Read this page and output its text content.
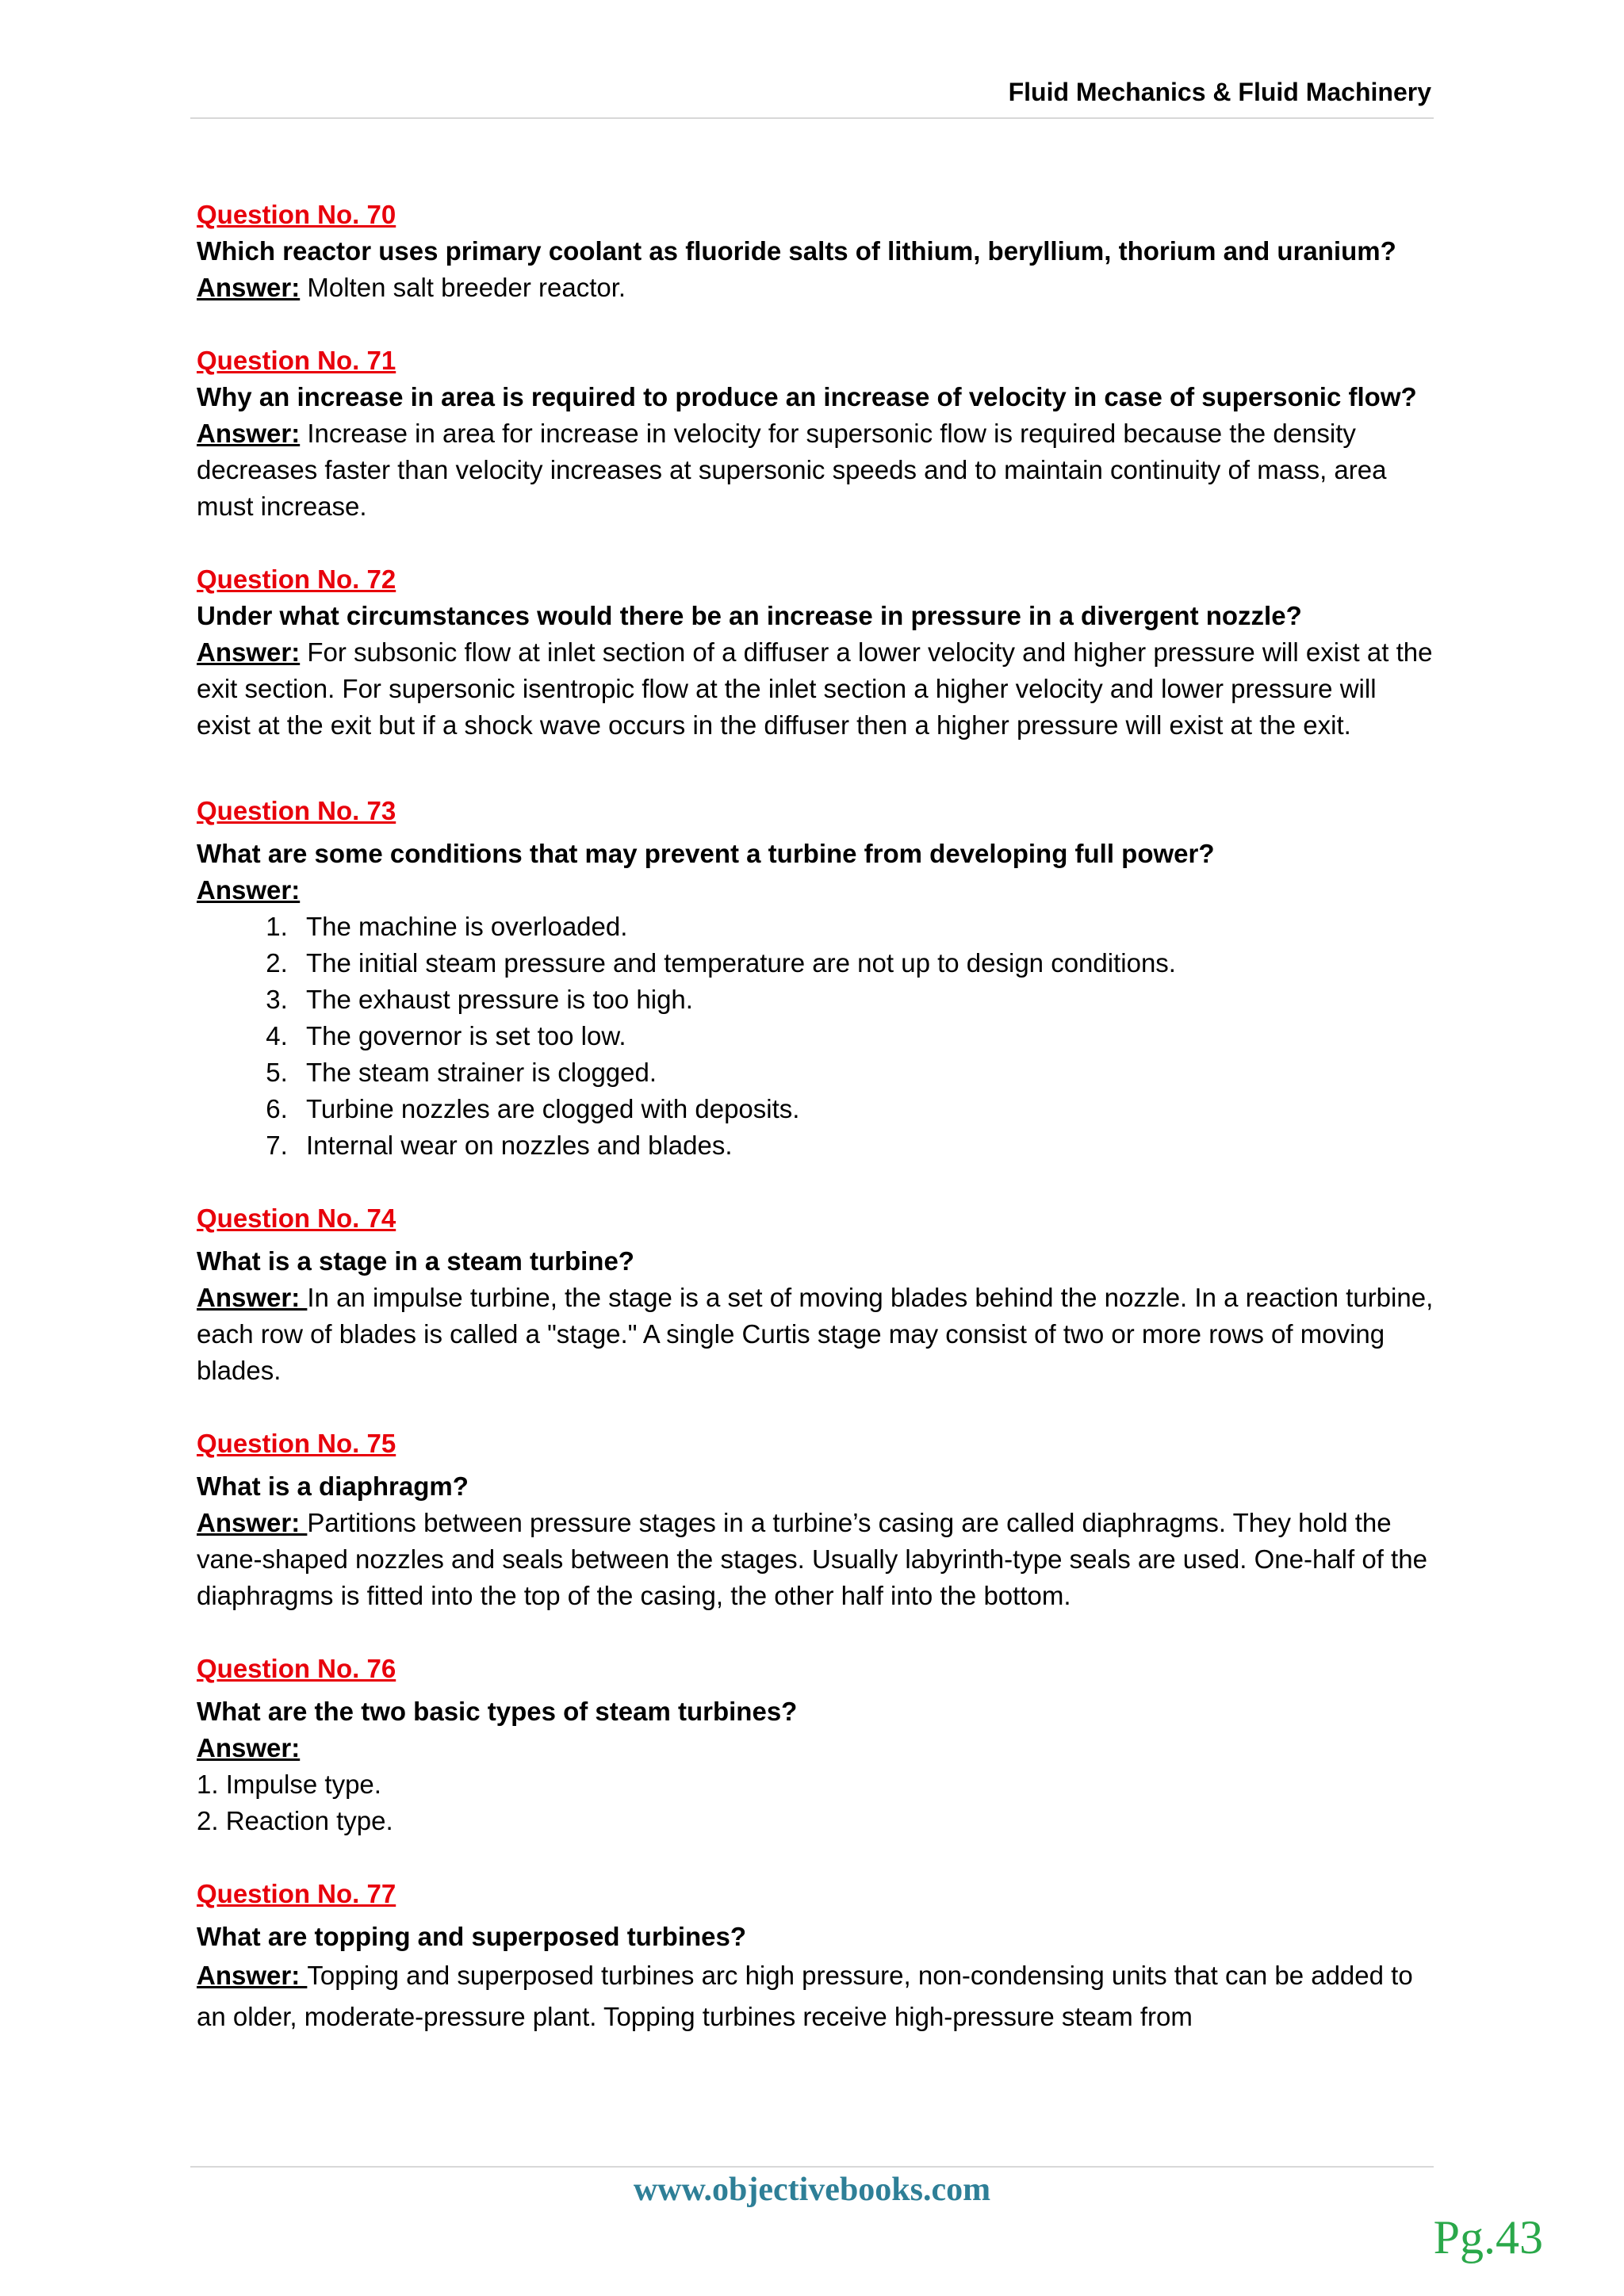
Fluid Mechanics & Fluid Machinery
Question No. 70
Which reactor uses primary coolant as fluoride salts of lithium, beryllium, thorium and uranium?
Answer: Molten salt breeder reactor.
Question No. 71
Why an increase in area is required to produce an increase of velocity in case of supersonic flow?
Answer: Increase in area for increase in velocity for supersonic flow is required because the density decreases faster than velocity increases at supersonic speeds and to maintain continuity of mass, area must increase.
Question No. 72
Under what circumstances would there be an increase in pressure in a divergent nozzle?
Answer: For subsonic flow at inlet section of a diffuser a lower velocity and higher pressure will exist at the exit section. For supersonic isentropic flow at the inlet section a higher velocity and lower pressure will exist at the exit but if a shock wave occurs in the diffuser then a higher pressure will exist at the exit.
Question No. 73
What are some conditions that may prevent a turbine from developing full power?
Answer:
1. The machine is overloaded.
2. The initial steam pressure and temperature are not up to design conditions.
3. The exhaust pressure is too high.
4. The governor is set too low.
5. The steam strainer is clogged.
6. Turbine nozzles are clogged with deposits.
7. Internal wear on nozzles and blades.
Question No. 74
What is a stage in a steam turbine?
Answer: In an impulse turbine, the stage is a set of moving blades behind the nozzle. In a reaction turbine, each row of blades is called a "stage." A single Curtis stage may consist of two or more rows of moving blades.
Question No. 75
What is a diaphragm?
Answer: Partitions between pressure stages in a turbine’s casing are called diaphragms. They hold the vane-shaped nozzles and seals between the stages. Usually labyrinth-type seals are used. One-half of the diaphragms is fitted into the top of the casing, the other half into the bottom.
Question No. 76
What are the two basic types of steam turbines?
Answer:
1. Impulse type.
2. Reaction type.
Question No. 77
What are topping and superposed turbines?
Answer: Topping and superposed turbines arc high pressure, non-condensing units that can be added to an older, moderate-pressure plant. Topping turbines receive high-pressure steam from
www.objectivebooks.com
Pg.43
